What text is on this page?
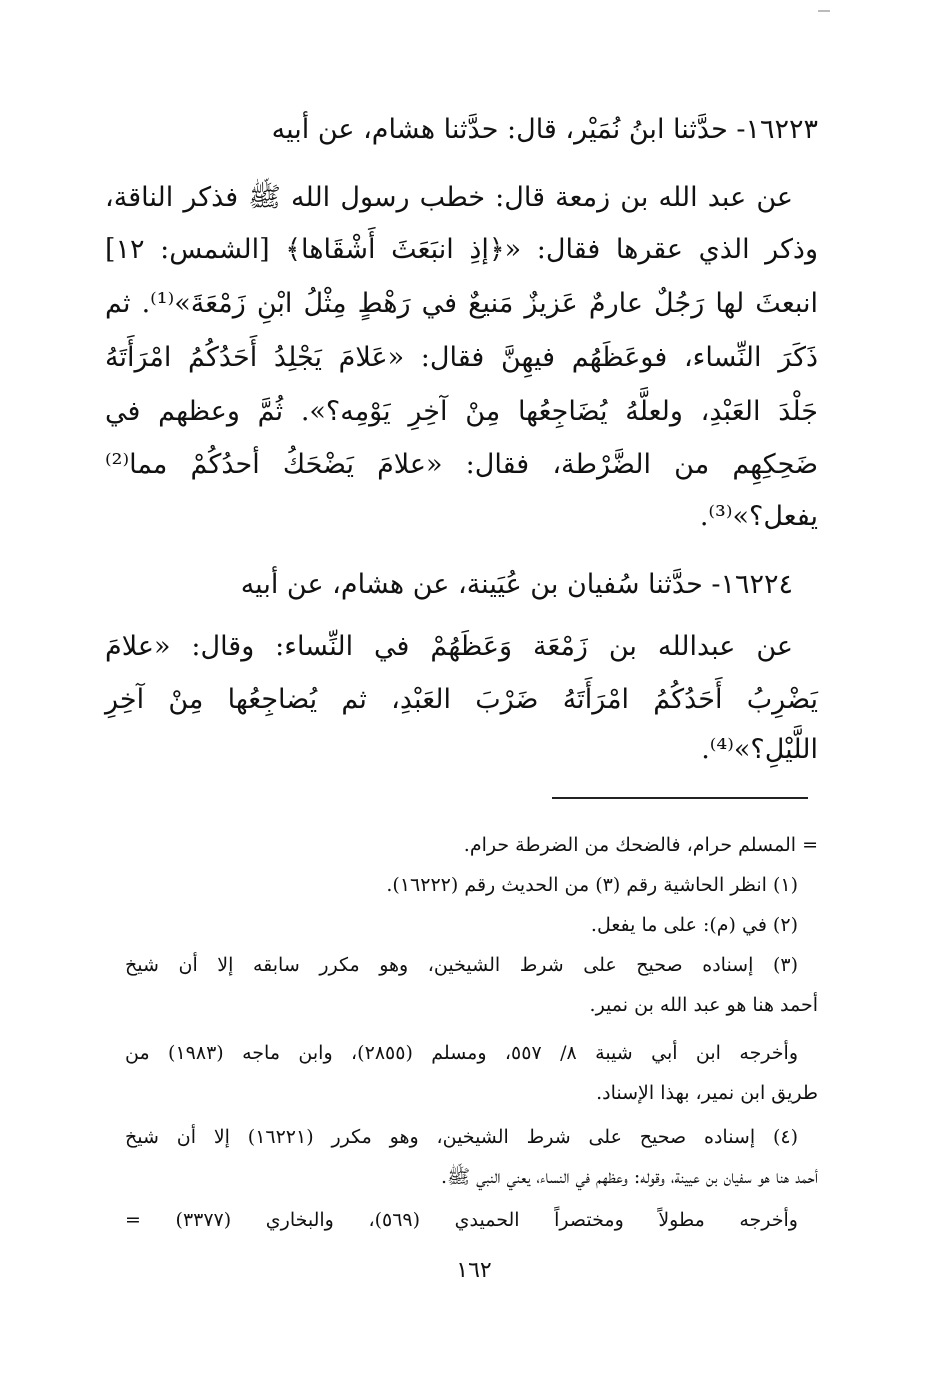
١٦٢٢٣- حدَّثنا ابنُ نُمَيْر، قال: حدَّثنا هشام، عن أبيه
عن عبد الله بن زمعة قال: خطب رسول الله ﷺ فذكر الناقة،
وذكر الذي عقرها فقال: «﴿إذِ انبَعَثَ أَشْقَاها﴾ [الشمس: ١٢]
انبعثَ لها رَجُلٌ عارمٌ عَزيزٌ مَنيعٌ في رَهْطٍ مِثْلُ ابْنِ زَمْعَةَ»⁽¹⁾. ثم
ذَكَرَ النِّساء، فوعَظَهُم فيهِنَّ فقال: «عَلامَ يَجْلِدُ أَحَدُكُمُ امْرَأَتَهُ
جَلْدَ العَبْدِ، ولعلَّهُ يُضَاجِعُها مِنْ آخِرِ يَوْمِه؟». ثُمَّ وعظهم في
ضَحِكِهِم من الضَّرْطة، فقال: «علامَ يَضْحَكُ أحدُكُمْ مما⁽²⁾
يفعل؟»⁽³⁾.
١٦٢٢٤- حدَّثنا سُفيان بن عُيَينة، عن هشام، عن أبيه
عن عبدالله بن زَمْعَة وَعَظَهُمْ في النِّساء: وقال: «علامَ
يَضْرِبُ أَحَدُكُمُ امْرَأَتَهُ ضَرْبَ العَبْدِ، ثم يُضاجِعُها مِنْ آخِرِ
اللَّيْلِ؟»⁽⁴⁾.
= المسلم حرام، فالضحك من الضرطة حرام.
(١) انظر الحاشية رقم (٣) من الحديث رقم (١٦٢٢٢).
(٢) في (م): على ما يفعل.
(٣) إسناده صحيح على شرط الشيخين، وهو مكرر سابقه إلا أن شيخ
أحمد هنا هو عبد الله بن نمير.
وأخرجه ابن أبي شيبة ٨/ ٥٥٧، ومسلم (٢٨٥٥)، وابن ماجه (١٩٨٣) من
طريق ابن نمير، بهذا الإسناد.
(٤) إسناده صحيح على شرط الشيخين، وهو مكرر (١٦٢٢١) إلا أن شيخ
أحمد هنا هو سفيان بن عيينة، وقوله: وعظهم في النساء، يعني النبي ﷺ.
وأخرجه مطولاً ومختصراً الحميدي (٥٦٩)، والبخاري (٣٣٧٧) =
١٦٢
